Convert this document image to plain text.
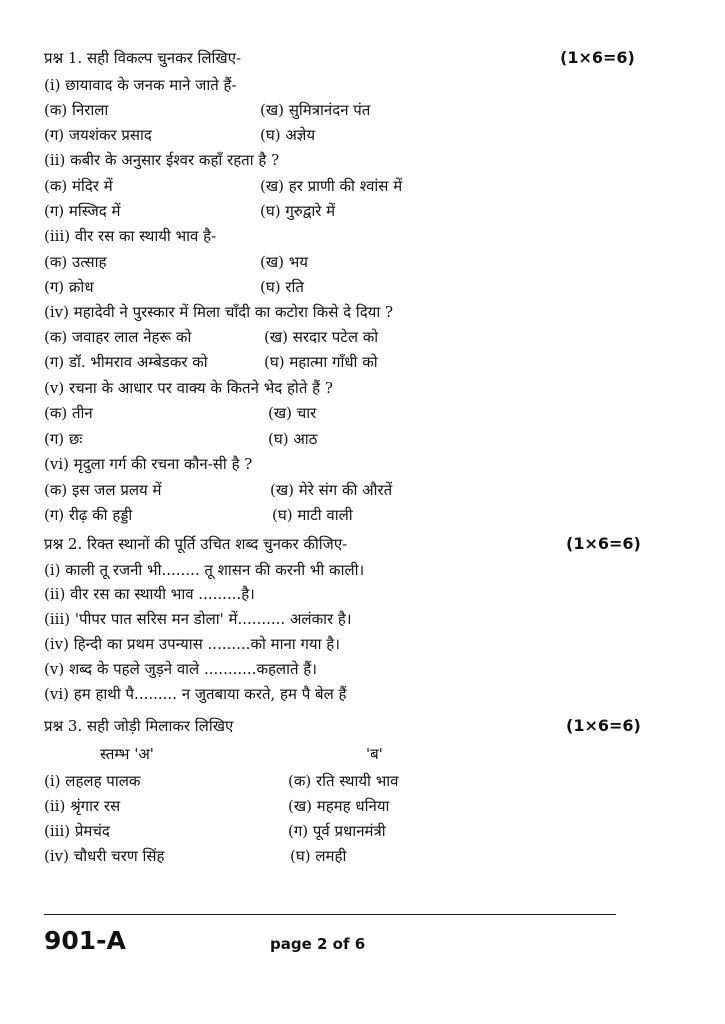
प्रश्न 1. सही विकल्प चुनकर लिखिए-	(1×6=6)
(i) छायावाद के जनक माने जाते हैं-
(क) निराला	(ख) सुमित्रानंदन पंत
(ग) जयशंकर प्रसाद	(घ) अज्ञेय
(ii) कबीर के अनुसार ईश्वर कहाँ रहता है ?
(क) मंदिर में	(ख) हर प्राणी की श्वांस में
(ग) मस्जिद में	(घ) गुरुद्वारे में
(iii) वीर रस का स्थायी भाव है-
(क) उत्साह	(ख) भय
(ग) क्रोध	(घ) रति
(iv) महादेवी ने पुरस्कार में मिला चाँदी का कटोरा किसे दे दिया ?
(क) जवाहर लाल नेहरू को	(ख) सरदार पटेल को
(ग) डॉ. भीमराव अम्बेडकर को	(घ) महात्मा गाँधी को
(v) रचना के आधार पर वाक्य के कितने भेद होते हैं ?
(क) तीन	(ख) चार
(ग) छः	(घ) आठ
(vi) मृदुला गर्ग की रचना कौन-सी है ?
(क) इस जल प्रलय में	(ख) मेरे संग की औरतें
(ग) रीढ़ की हड्डी	(घ) माटी वाली
प्रश्न 2. रिक्त स्थानों की पूर्ति उचित शब्द चुनकर कीजिए-	(1×6=6)
(i) काली तू रजनी भी........ तू शासन की करनी भी काली।
(ii) वीर रस का स्थायी भाव .........है।
(iii) 'पीपर पात सरिस मन डोला' में.......... अलंकार है।
(iv) हिन्दी का प्रथम उपन्यास .........को माना गया है।
(v) शब्द के पहले जुड़ने वाले ...........कहलाते हैं।
(vi) हम हाथी पै......... न जुतबाया करते, हम पै बेल हैं
प्रश्न 3. सही जोड़ी मिलाकर लिखिए	(1×6=6)
स्तम्भ 'अ'	'ब'
(i) लहलह पालक	(क) रति स्थायी भाव
(ii) श्रृंगार रस	(ख) महमह धनिया
(iii) प्रेमचंद	(ग) पूर्व प्रधानमंत्री
(iv) चौधरी चरण सिंह	(घ) लमही
901-A	page 2 of 6
